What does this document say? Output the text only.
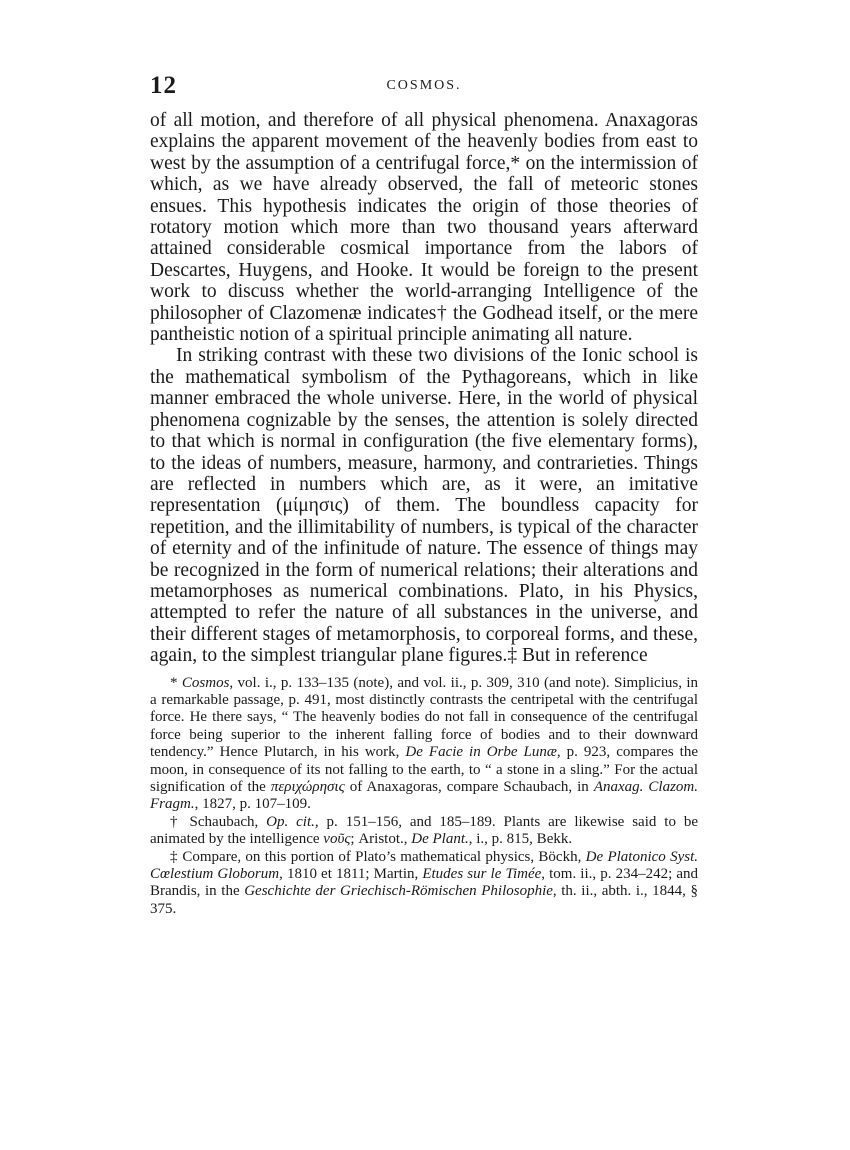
12	COSMOS.

of all motion, and therefore of all physical phenomena. Anaxagoras explains the apparent movement of the heavenly bodies from east to west by the assumption of a centrifugal force,* on the intermission of which, as we have already observed, the fall of meteoric stones ensues. This hypothesis indicates the origin of those theories of rotatory motion which more than two thousand years afterward attained considerable cosmical importance from the labors of Descartes, Huygens, and Hooke. It would be foreign to the present work to discuss whether the world-arranging Intelligence of the philosopher of Clazomenæ indicates† the Godhead itself, or the mere pantheistic notion of a spiritual principle animating all nature.

In striking contrast with these two divisions of the Ionic school is the mathematical symbolism of the Pythagoreans, which in like manner embraced the whole universe. Here, in the world of physical phenomena cognizable by the senses, the attention is solely directed to that which is normal in configuration (the five elementary forms), to the ideas of numbers, measure, harmony, and contrarieties. Things are reflected in numbers which are, as it were, an imitative representation (μίμησις) of them. The boundless capacity for repetition, and the illimitability of numbers, is typical of the character of eternity and of the infinitude of nature. The essence of things may be recognized in the form of numerical relations; their alterations and metamorphoses as numerical combinations. Plato, in his Physics, attempted to refer the nature of all substances in the universe, and their different stages of metamorphosis, to corporeal forms, and these, again, to the simplest triangular plane figures.‡ But in reference

* Cosmos, vol. i., p. 133–135 (note), and vol. ii., p. 309, 310 (and note). Simplicius, in a remarkable passage, p. 491, most distinctly contrasts the centripetal with the centrifugal force. He there says, “ The heavenly bodies do not fall in consequence of the centrifugal force being superior to the inherent falling force of bodies and to their downward tendency.” Hence Plutarch, in his work, De Facie in Orbe Lunæ, p. 923, compares the moon, in consequence of its not falling to the earth, to “ a stone in a sling.” For the actual signification of the περιχώρησις of Anaxagoras, compare Schaubach, in Anaxag. Clazom. Fragm., 1827, p. 107–109.

† Schaubach, Op. cit., p. 151–156, and 185–189. Plants are likewise said to be animated by the intelligence νοῦς; Aristot., De Plant., i., p. 815, Bekk.

‡ Compare, on this portion of Plato’s mathematical physics, Böckh, De Platonico Syst. Cœlestium Globorum, 1810 et 1811; Martin, Etudes sur le Timée, tom. ii., p. 234–242; and Brandis, in the Geschichte der Griechisch-Römischen Philosophie, th. ii., abth. i., 1844, § 375.
